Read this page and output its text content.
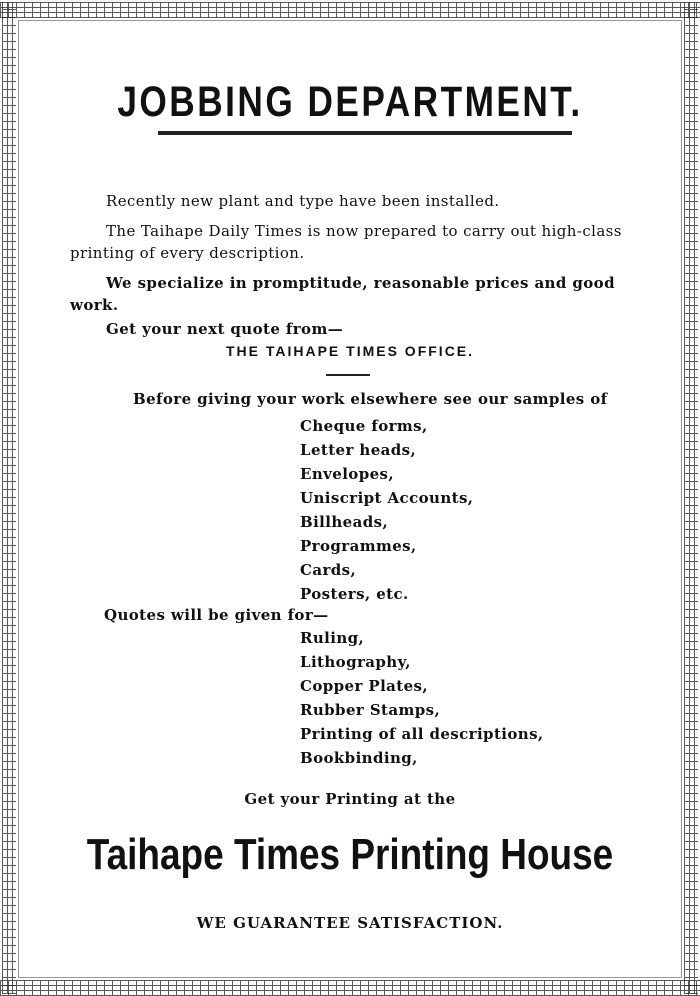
JOBBING DEPARTMENT.
Recently new plant and type have been installed.
The Taihape Daily Times is now prepared to carry out high-class printing of every description.
We specialize in promptitude, reasonable prices and good work.
Get your next quote from—
THE TAIHAPE TIMES OFFICE.
Before giving your work elsewhere see our samples of
Cheque forms,
Letter heads,
Envelopes,
Uniscript Accounts,
Billheads,
Programmes,
Cards,
Posters, etc.
Quotes will be given for—
Ruling,
Lithography,
Copper Plates,
Rubber Stamps,
Printing of all descriptions,
Bookbinding,
Get your Printing at the
Taihape Times Printing House
WE GUARANTEE SATISFACTION.
